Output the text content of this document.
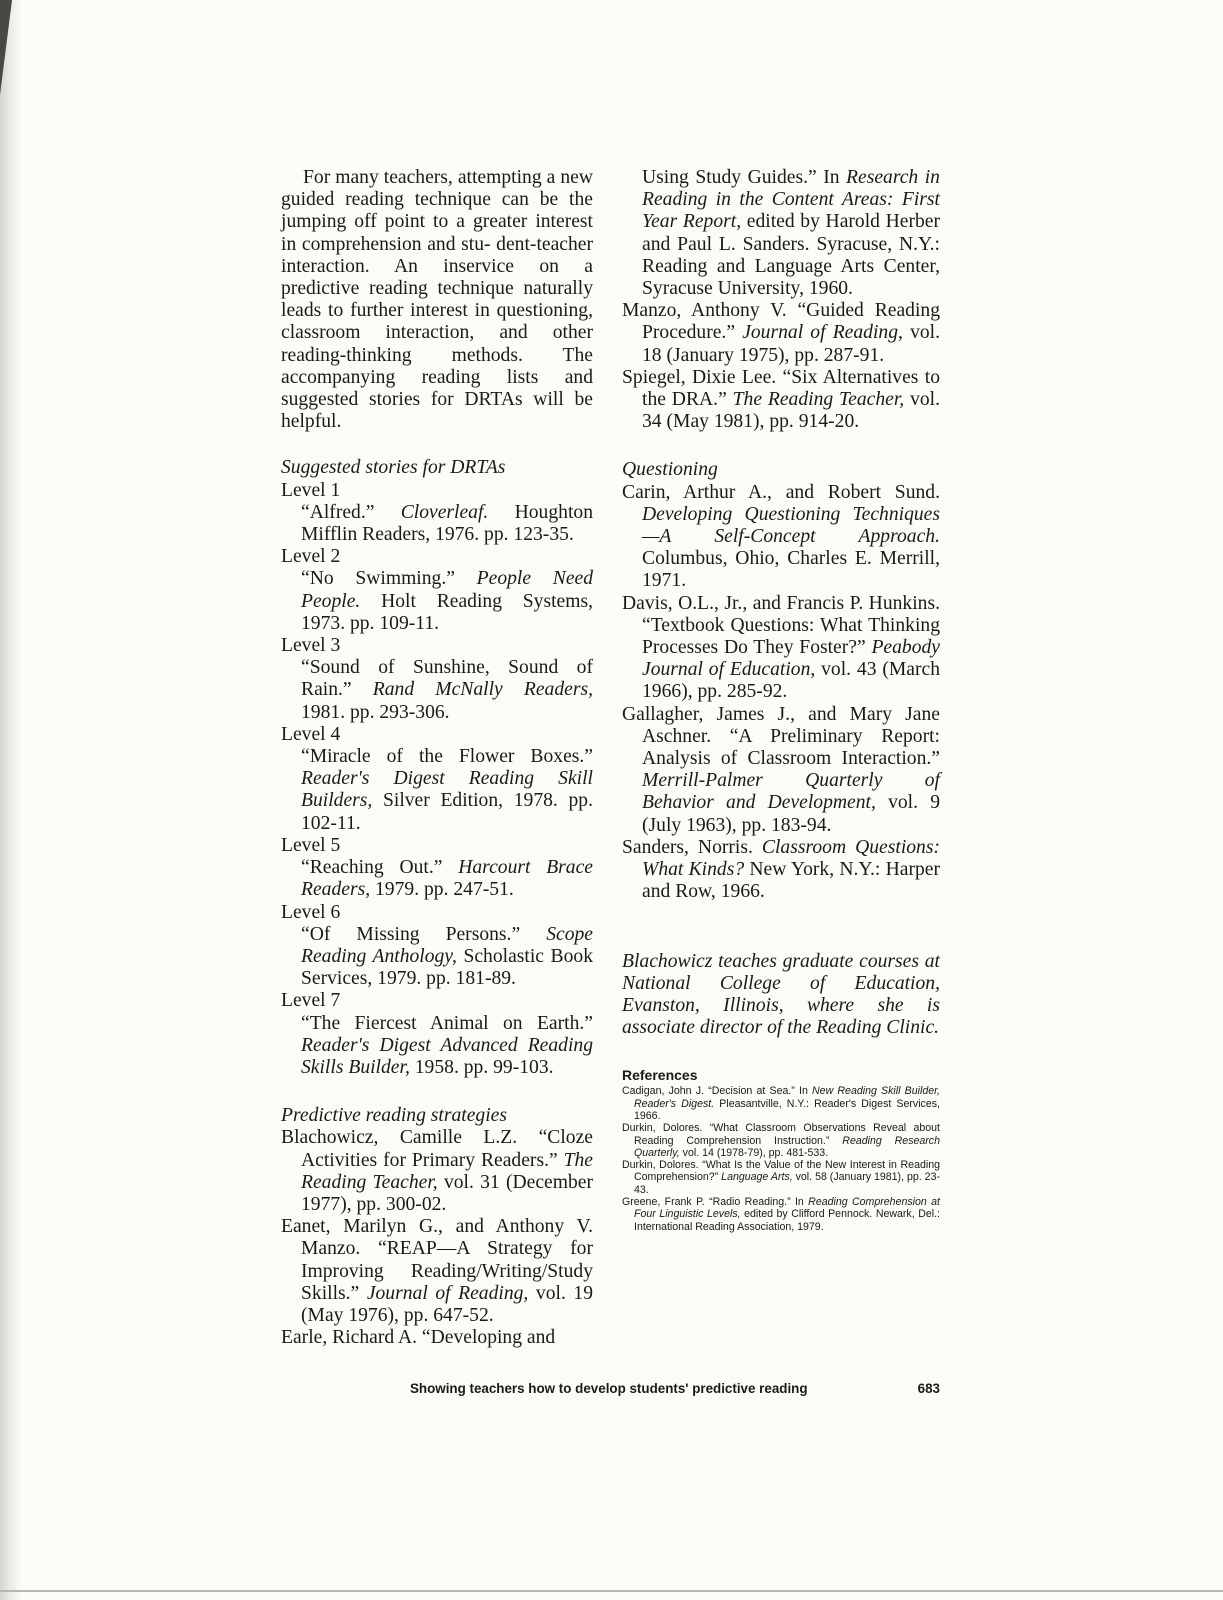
For many teachers, attempting a new guided reading technique can be the jumping off point to a greater interest in comprehension and stu- dent-teacher interaction. An inservice on a predictive reading technique naturally leads to further interest in questioning, classroom interaction, and other reading-thinking methods. The accompanying reading lists and suggested stories for DRTAs will be helpful.

Suggested stories for DRTAs

Level 1

“Alfred.” Cloverleaf. Houghton Mifflin Readers, 1976. pp. 123-35.

Level 2

“No Swimming.” People Need People. Holt Reading Systems, 1973. pp. 109-11.

Level 3

“Sound of Sunshine, Sound of Rain.” Rand McNally Readers, 1981. pp. 293-306.

Level 4

“Miracle of the Flower Boxes.” Reader's Digest Reading Skill Builders, Silver Edition, 1978. pp. 102-11.

Level 5

“Reaching Out.” Harcourt Brace Readers, 1979. pp. 247-51.

Level 6

“Of Missing Persons.” Scope Reading Anthology, Scholastic Book Services, 1979. pp. 181-89.

Level 7

“The Fiercest Animal on Earth.” Reader's Digest Advanced Reading Skills Builder, 1958. pp. 99-103.

Predictive reading strategies

Blachowicz, Camille L.Z. “Cloze Activities for Primary Readers.” The Reading Teacher, vol. 31 (December 1977), pp. 300-02.

Eanet, Marilyn G., and Anthony V. Manzo. “REAP—A Strategy for Improving Reading/Writing/Study Skills.” Journal of Reading, vol. 19 (May 1976), pp. 647-52.

Earle, Richard A. “Developing and

Using Study Guides.” In Research in Reading in the Content Areas: First Year Report, edited by Harold Herber and Paul L. Sanders. Syracuse, N.Y.: Reading and Language Arts Center, Syracuse University, 1960.

Manzo, Anthony V. “Guided Reading Procedure.” Journal of Reading, vol. 18 (January 1975), pp. 287-91.

Spiegel, Dixie Lee. “Six Alternatives to the DRA.” The Reading Teacher, vol. 34 (May 1981), pp. 914-20.

Questioning

Carin, Arthur A., and Robert Sund. Developing Questioning Techniques—A Self-Concept Approach. Columbus, Ohio, Charles E. Merrill, 1971.

Davis, O.L., Jr., and Francis P. Hunkins. “Textbook Questions: What Thinking Processes Do They Foster?” Peabody Journal of Education, vol. 43 (March 1966), pp. 285-92.

Gallagher, James J., and Mary Jane Aschner. “A Preliminary Report: Analysis of Classroom Interaction.” Merrill-Palmer Quarterly of Behavior and Development, vol. 9 (July 1963), pp. 183-94.

Sanders, Norris. Classroom Questions: What Kinds? New York, N.Y.: Harper and Row, 1966.

Blachowicz teaches graduate courses at National College of Education, Evanston, Illinois, where she is associate director of the Reading Clinic.

References

Cadigan, John J. “Decision at Sea.” In New Reading Skill Builder, Reader's Digest. Pleasantville, N.Y.: Reader's Digest Services, 1966.

Durkin, Dolores. “What Classroom Observations Reveal about Reading Comprehension Instruction.” Reading Research Quarterly, vol. 14 (1978-79), pp. 481-533.

Durkin, Dolores. “What Is the Value of the New Interest in Reading Comprehension?” Language Arts, vol. 58 (January 1981), pp. 23-43.

Greene, Frank P. “Radio Reading.” In Reading Comprehension at Four Linguistic Levels, edited by Clifford Pennock. Newark, Del.: International Reading Association, 1979.

Showing teachers how to develop students' predictive reading	683
